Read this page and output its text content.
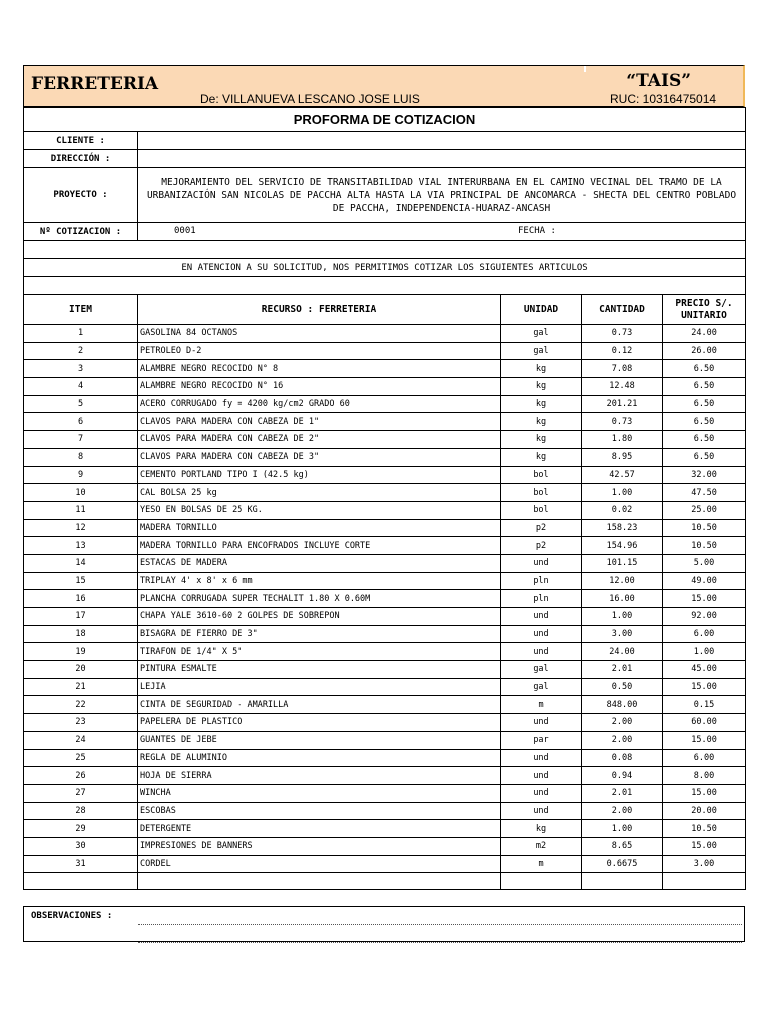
FERRETERIA	“TAIS”
De: VILLANUEVA LESCANO JOSE LUIS	RUC: 10316475014
PROFORMA DE COTIZACION				
CLIENTE :				
DIRECCIÓN :				
PROYECTO :	MEJORAMIENTO DEL SERVICIO DE TRANSITABILIDAD VIAL INTERURBANA EN EL CAMINO VECINAL DEL TRAMO DE LA URBANIZACIÓN SAN NICOLAS DE PACCHA ALTA HASTA LA VIA PRINCIPAL DE ANCOMARCA - SHECTA DEL CENTRO POBLADO DE PACCHA, INDEPENDENCIA-HUARAZ-ANCASH			
Nº COTIZACION :	0001 FECHA :			

EN ATENCION A SU SOLICITUD, NOS PERMITIMOS COTIZAR LOS SIGUIENTES ARTICULOS				

ITEM	RECURSO : FERRETERIA	UNIDAD	CANTIDAD	PRECIO S/. UNITARIO
1	GASOLINA 84 OCTANOS	gal	0.73	24.00
2	PETROLEO D-2	gal	0.12	26.00
3	ALAMBRE NEGRO RECOCIDO N° 8	kg	7.08	6.50
4	ALAMBRE NEGRO RECOCIDO N° 16	kg	12.48	6.50
5	ACERO CORRUGADO fy = 4200 kg/cm2 GRADO 60	kg	201.21	6.50
6	CLAVOS PARA MADERA CON CABEZA DE 1"	kg	0.73	6.50
7	CLAVOS PARA MADERA CON CABEZA DE 2"	kg	1.80	6.50
8	CLAVOS PARA MADERA CON CABEZA DE 3"	kg	8.95	6.50
9	CEMENTO PORTLAND TIPO I (42.5 kg)	bol	42.57	32.00
10	CAL BOLSA 25 kg	bol	1.00	47.50
11	YESO EN BOLSAS DE 25 KG.	bol	0.02	25.00
12	MADERA TORNILLO	p2	158.23	10.50
13	MADERA TORNILLO PARA ENCOFRADOS INCLUYE CORTE	p2	154.96	10.50
14	ESTACAS DE MADERA	und	101.15	5.00
15	TRIPLAY 4' x 8' x 6 mm	pln	12.00	49.00
16	PLANCHA CORRUGADA SUPER TECHALIT 1.80 X 0.60M	pln	16.00	15.00
17	CHAPA YALE 3610-60 2 GOLPES DE SOBREPON	und	1.00	92.00
18	BISAGRA DE FIERRO DE 3"	und	3.00	6.00
19	TIRAFON DE 1/4" X 5"	und	24.00	1.00
20	PINTURA ESMALTE	gal	2.01	45.00
21	LEJIA	gal	0.50	15.00
22	CINTA DE SEGURIDAD - AMARILLA	m	848.00	0.15
23	PAPELERA DE PLASTICO	und	2.00	60.00
24	GUANTES DE JEBE	par	2.00	15.00
25	REGLA DE ALUMINIO	und	0.08	6.00
26	HOJA DE SIERRA	und	0.94	8.00
27	WINCHA	und	2.01	15.00
28	ESCOBAS	und	2.00	20.00
29	DETERGENTE	kg	1.00	10.50
30	IMPRESIONES DE BANNERS	m2	8.65	15.00
31	CORDEL	m	0.6675	3.00

OBSERVACIONES :
